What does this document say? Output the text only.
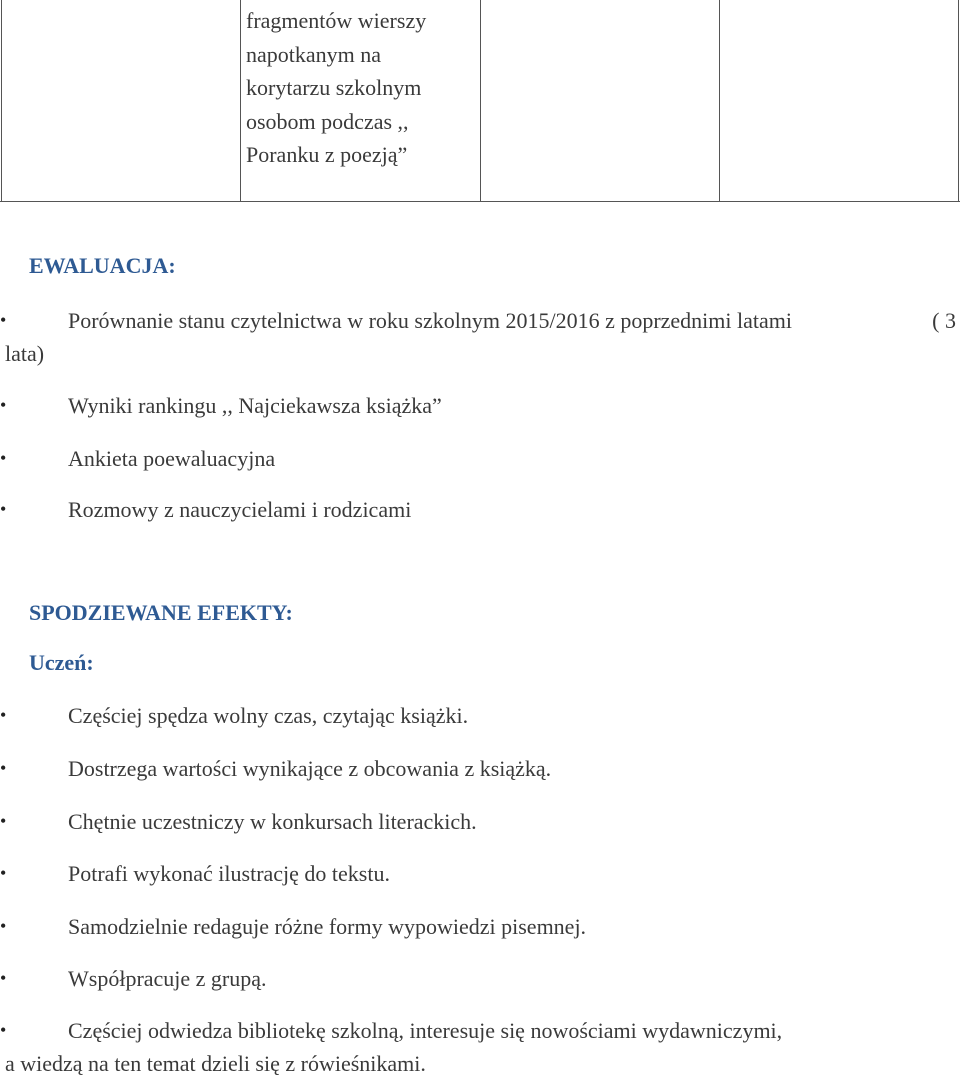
fragmentów wierszy
napotkanym na
korytarzu szkolnym
osobom podczas ,,
Poranku z poezją”
EWALUACJA:
•	Porównanie stanu czytelnictwa w roku szkolnym 2015/2016 z poprzednimi latami	( 3
lata)
•	Wyniki rankingu ,, Najciekawsza książka”
•	Ankieta poewaluacyjna
•	Rozmowy z nauczycielami i rodzicami
SPODZIEWANE EFEKTY:
Uczeń:
•	Częściej spędza wolny czas, czytając książki.
•	Dostrzega wartości wynikające z obcowania z książką.
•	Chętnie uczestniczy w konkursach literackich.
•	Potrafi wykonać ilustrację do tekstu.
•	Samodzielnie redaguje różne formy wypowiedzi pisemnej.
•	Współpracuje z grupą.
•	Częściej odwiedza bibliotekę szkolną, interesuje się nowościami wydawniczymi,
a wiedzą na ten temat dzieli się z rówieśnikami.
